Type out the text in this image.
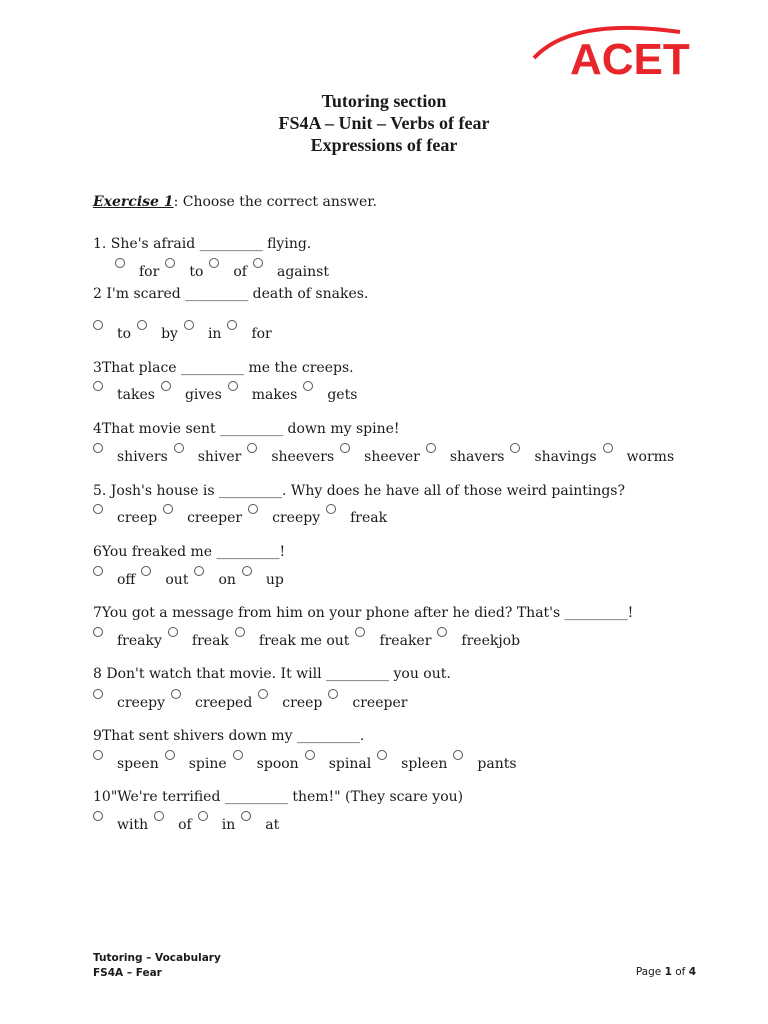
ACET
Tutoring section
FS4A – Unit – Verbs of fear
Expressions of fear
Exercise 1: Choose the correct answer.
1. She's afraid _________ flying.
for to of against
2 I'm scared _________ death of snakes.
to by in for
3That place _________ me the creeps.
takes gives makes gets
4That movie sent _________ down my spine!
shivers shiver sheevers sheever shavers shavings worms
5. Josh's house is _________. Why does he have all of those weird paintings?
creep creeper creepy freak
6You freaked me _________!
off out on up
7You got a message from him on your phone after he died? That's _________!
freaky freak freak me out freaker freekjob
8 Don't watch that movie. It will _________ you out.
creepy creeped creep creeper
9That sent shivers down my _________.
speen spine spoon spinal spleen pants
10"We're terrified _________ them!" (They scare you)
with of in at
Tutoring – Vocabulary
FS4A – Fear	Page 1 of 4
